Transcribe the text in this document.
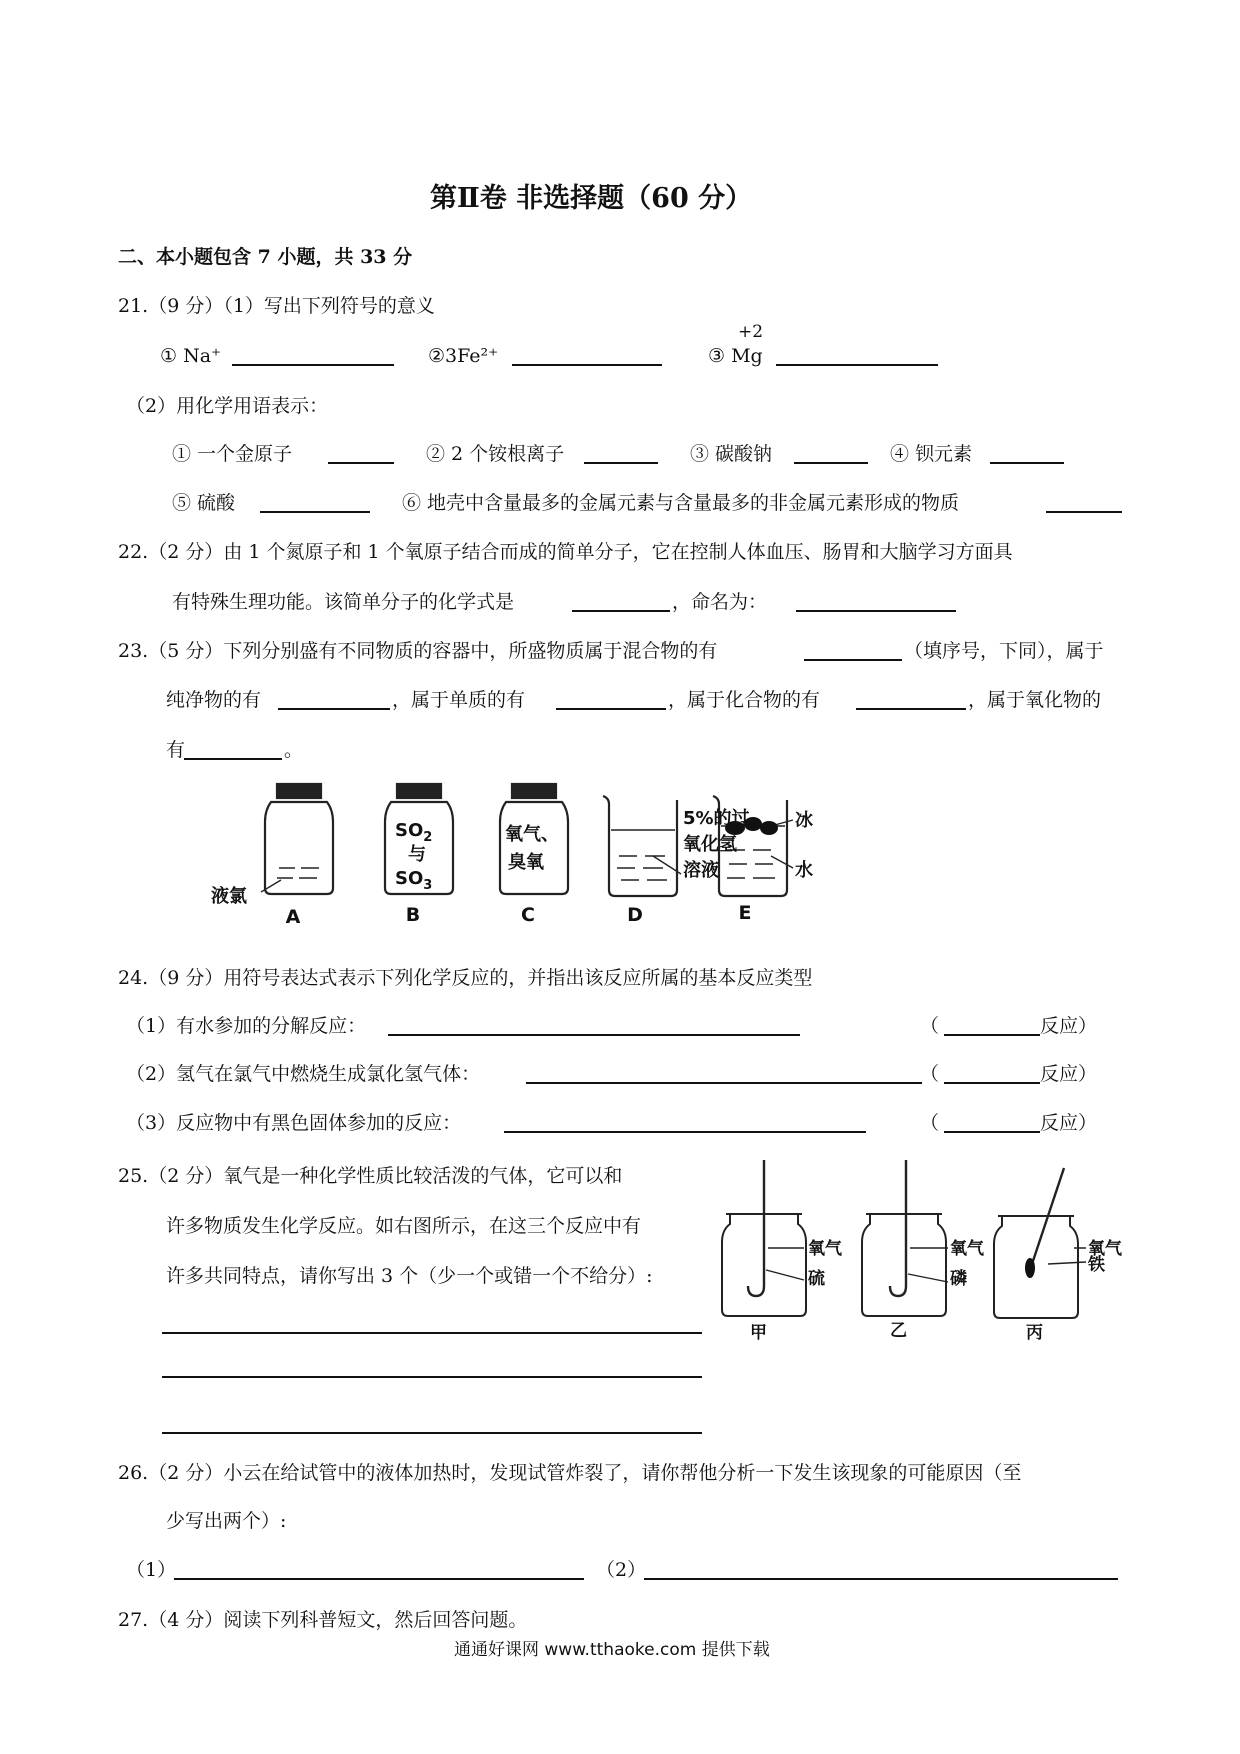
第Ⅱ卷 非选择题（60 分）
二、本小题包含 7 小题，共 33 分
21.（9 分）（1）写出下列符号的意义
① Na⁺	②3Fe²⁺
+2
③ Mg
（2）用化学用语表示：
① 一个金原子	② 2 个铵根离子	③ 碳酸钠	④ 钡元素
⑤ 硫酸	⑥ 地壳中含量最多的金属元素与含量最多的非金属元素形成的物质
22.（2 分）由 1 个氮原子和 1 个氧原子结合而成的简单分子，它在控制人体血压、肠胃和大脑学习方面具
有特殊生理功能。该简单分子的化学式是	，命名为：
23.（5 分）下列分别盛有不同物质的容器中，所盛物质属于混合物的有	（填序号，下同），属于
纯净物的有	，属于单质的有	，属于化合物的有	，属于氧化物的
有	。
液氯
$SO_2$
与
$SO_3$
氧气、
臭氧
5%的过
氧化氢
溶液
冰
水
A	B	C	D	E
24.（9 分）用符号表达式表示下列化学反应的，并指出该反应所属的基本反应类型
（1）有水参加的分解反应：	（	反应）
（2）氢气在氯气中燃烧生成氯化氢气体：	（	反应）
（3）反应物中有黑色固体参加的反应：	（	反应）
25.（2 分）氧气是一种化学性质比较活泼的气体，它可以和
许多物质发生化学反应。如右图所示，在这三个反应中有
许多共同特点，请你写出 3 个（少一个或错一个不给分）:
氧气
硫
氧气
磷
氧气
铁
甲	乙	丙
26.（2 分）小云在给试管中的液体加热时，发现试管炸裂了，请你帮他分析一下发生该现象的可能原因（至
少写出两个）:
（1）	（2）
27.（4 分）阅读下列科普短文，然后回答问题。
通通好课网 www.tthaoke.com 提供下载
